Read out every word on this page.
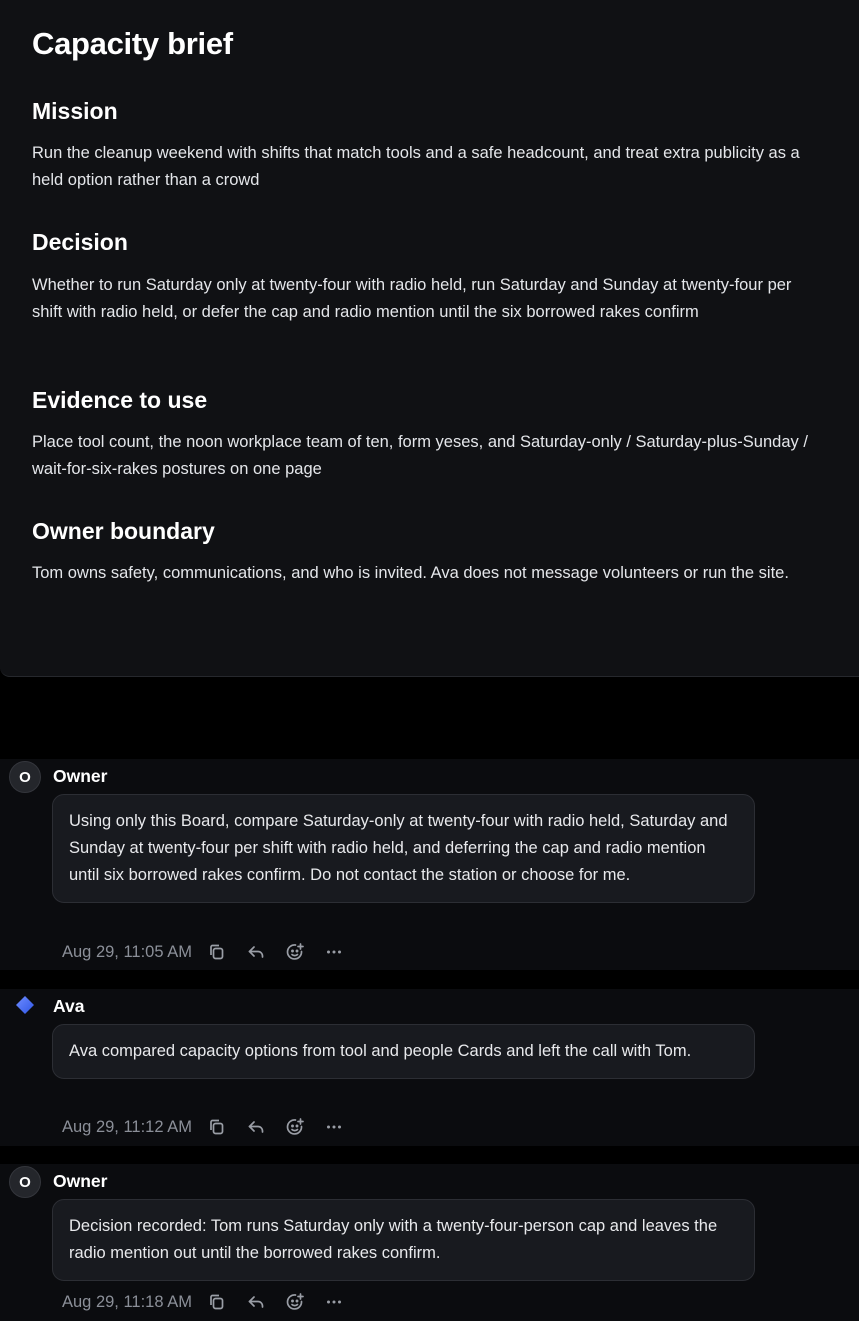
Capacity brief
Mission
Run the cleanup weekend with shifts that match tools and a safe headcount, and treat extra publicity as a held option rather than a crowd
Decision
Whether to run Saturday only at twenty-four with radio held, run Saturday and Sunday at twenty-four per shift with radio held, or defer the cap and radio mention until the six borrowed rakes confirm
Evidence to use
Place tool count, the noon workplace team of ten, form yeses, and Saturday-only / Saturday-plus-Sunday / wait-for-six-rakes postures on one page
Owner boundary
Tom owns safety, communications, and who is invited. Ava does not message volunteers or run the site.
O	Owner
Using only this Board, compare Saturday-only at twenty-four with radio held, Saturday and Sunday at twenty-four per shift with radio held, and deferring the cap and radio mention until six borrowed rakes confirm. Do not contact the station or choose for me.
Aug 29, 11:05 AM
Ava
Ava compared capacity options from tool and people Cards and left the call with Tom.
Aug 29, 11:12 AM
O	Owner
Decision recorded: Tom runs Saturday only with a twenty-four-person cap and leaves the radio mention out until the borrowed rakes confirm.
Aug 29, 11:18 AM
